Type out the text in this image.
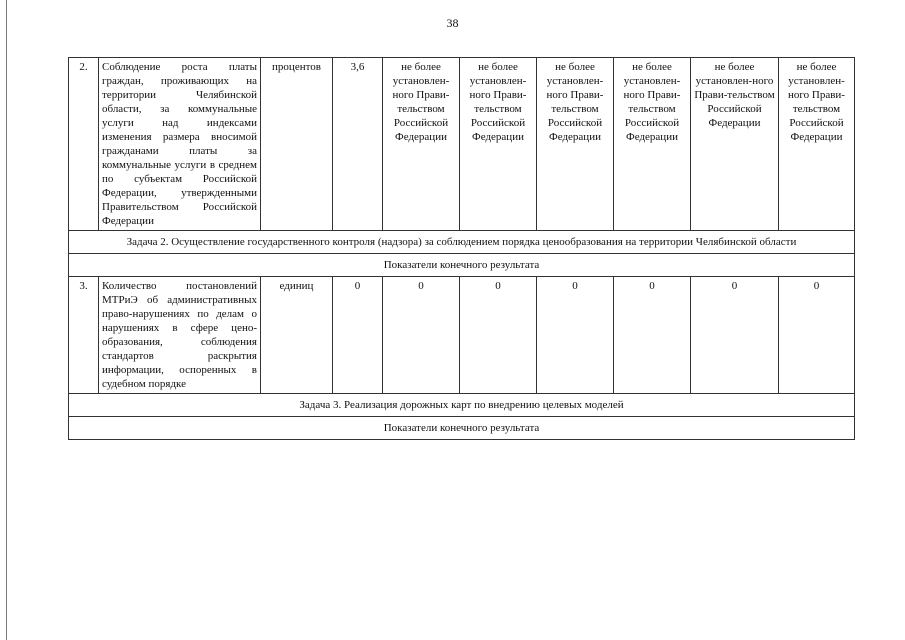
38
2.	Соблюдение роста платы граждан, проживающих на территории Челябинской области, за коммунальные услуги над индексами изменения размера вносимой гражданами платы за коммунальные услуги в среднем по субъектам Российской Федерации, утвержденными Правительством Российской Федерации	процентов	3,6	не более установлен-ного Прави-тельством Российской Федерации	не более установлен-ного Прави-тельством Российской Федерации	не более установлен-ного Прави-тельством Российской Федерации	не более установлен-ного Прави-тельством Российской Федерации	не более установлен-ного Прави-тельством Российской Федерации	не более установлен-ного Прави-тельством Российской Федерации
Задача 2. Осуществление государственного контроля (надзора) за соблюдением порядка ценообразования на территории Челябинской области									
Показатели конечного результата									
3.	Количество постановлений МТРиЭ об административных право-нарушениях по делам о нарушениях в сфере цено-образования, соблюдения стандартов раскрытия информации, оспоренных в судебном порядке	единиц	0	0	0	0	0	0	0
Задача 3. Реализация дорожных карт по внедрению целевых моделей									
Показатели конечного результата									
